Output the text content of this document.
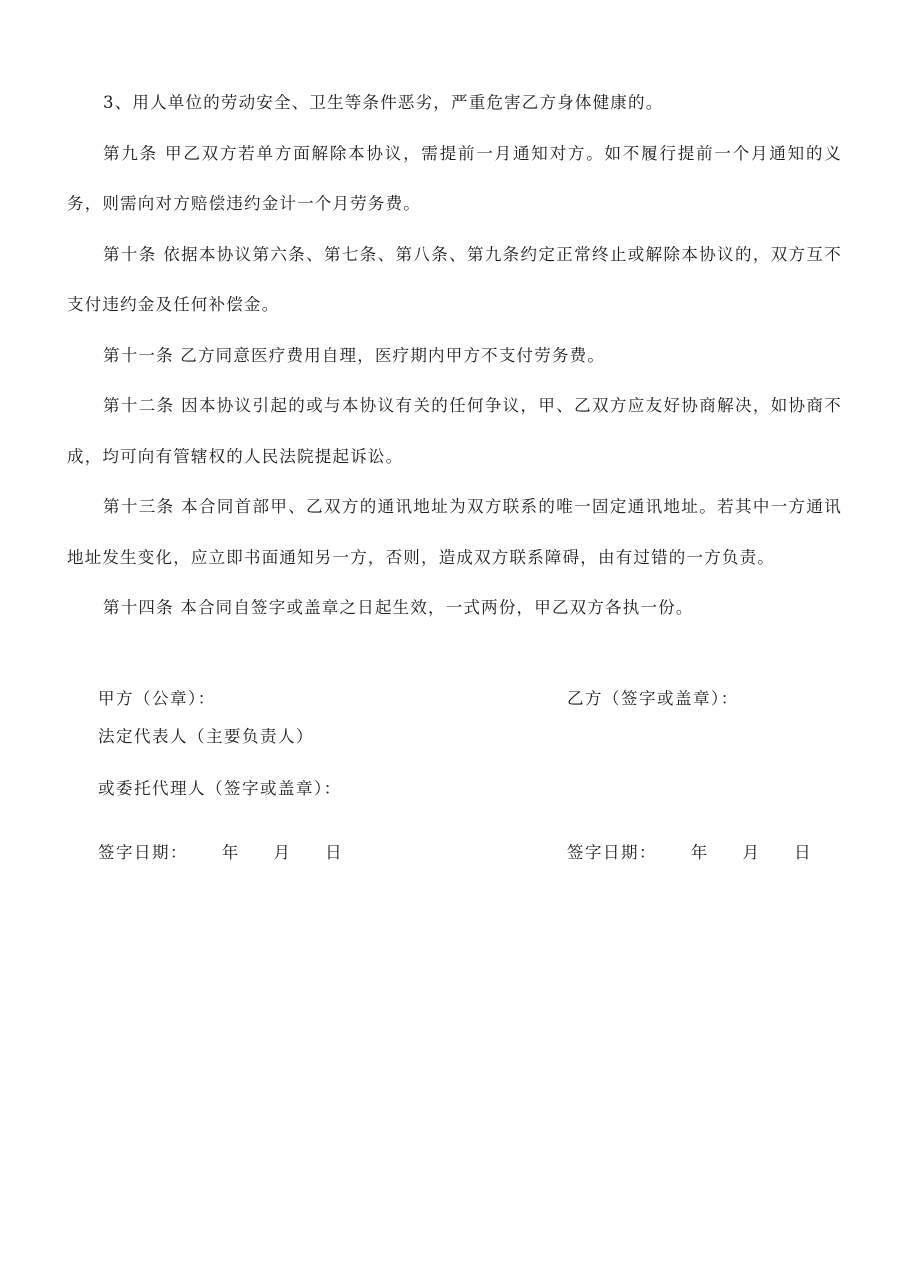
3、用人单位的劳动安全、卫生等条件恶劣，严重危害乙方身体健康的。

第九条 甲乙双方若单方面解除本协议，需提前一月通知对方。如不履行提前一个月通知的义务，则需向对方赔偿违约金计一个月劳务费。

第十条 依据本协议第六条、第七条、第八条、第九条约定正常终止或解除本协议的，双方互不支付违约金及任何补偿金。

第十一条 乙方同意医疗费用自理，医疗期内甲方不支付劳务费。

第十二条 因本协议引起的或与本协议有关的任何争议，甲、乙双方应友好协商解决，如协商不成，均可向有管辖权的人民法院提起诉讼。

第十三条 本合同首部甲、乙双方的通讯地址为双方联系的唯一固定通讯地址。若其中一方通讯地址发生变化，应立即书面通知另一方，否则，造成双方联系障碍，由有过错的一方负责。

第十四条 本合同自签字或盖章之日起生效，一式两份，甲乙双方各执一份。

甲方（公章）：	乙方（签字或盖章）：
法定代表人（主要负责人）
或委托代理人（签字或盖章）：
签字日期：     年     月     日	签字日期：     年     月     日
